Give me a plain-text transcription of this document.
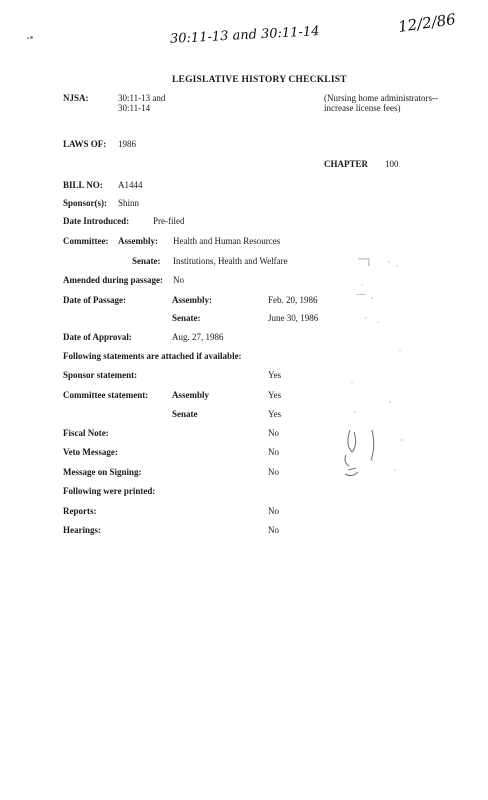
12/2/86
30:11-13 and 30:11-14
LEGISLATIVE HISTORY CHECKLIST
NJSA:	30:11-13 and
30:11-14
(Nursing home administrators--increase license fees)
LAWS OF: 1986
CHAPTER 100
BILL NO: A1444
Sponsor(s): Shinn
Date Introduced:	Pre-filed
Committee: Assembly: Health and Human Resources
Senate: Institutions, Health and Welfare
Amended during passage: No
Date of Passage:	Assembly:	Feb. 20, 1986
Senate:	June 30, 1986
Date of Approval:	Aug. 27, 1986
Following statements are attached if available:
Sponsor statement:	Yes
Committee statement:	Assembly	Yes
Senate	Yes
Fiscal Note:	No
Veto Message:	No
Message on Signing:	No
Following were printed:
Reports:	No
Hearings:	No
